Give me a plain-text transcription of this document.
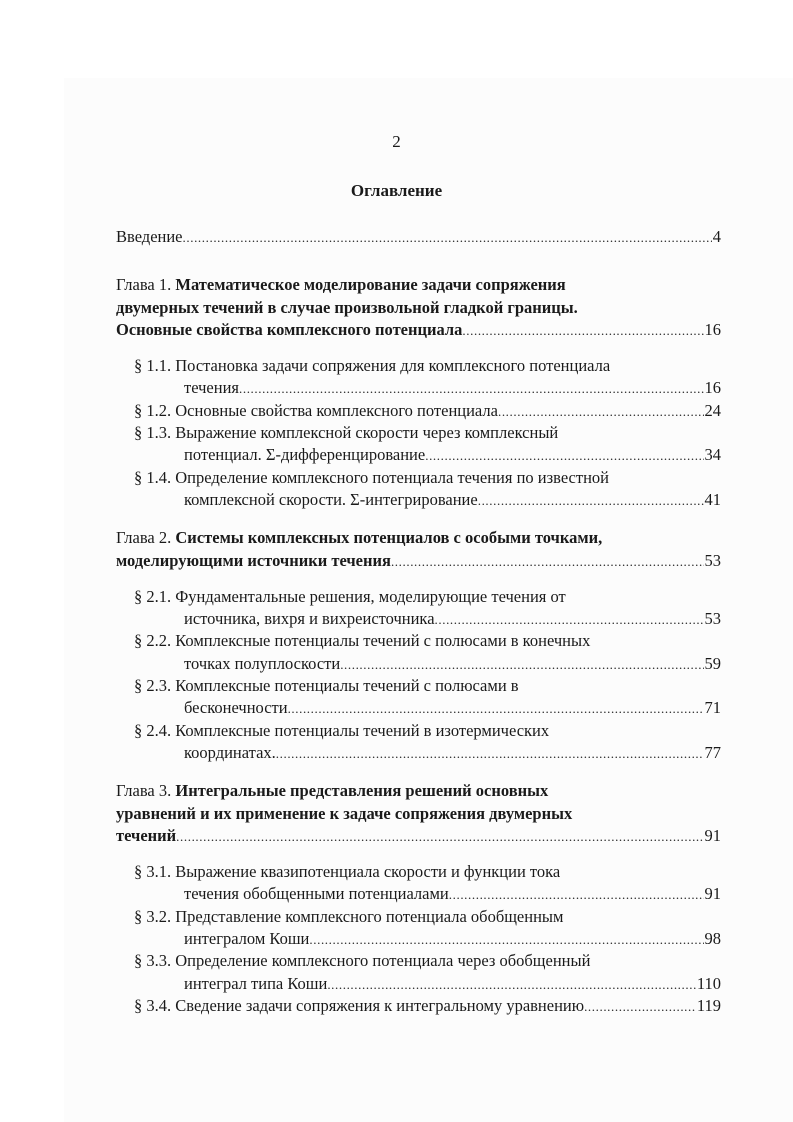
2
Оглавление
Введение .....	4
Глава 1. Математическое моделирование задачи сопряжения
двумерных течений в случае произвольной гладкой границы.
Основные свойства комплексного потенциала .....	16
§ 1.1. Постановка задачи сопряжения для комплексного потенциала
течения .....	16
§ 1.2. Основные свойства комплексного потенциала .....	24
§ 1.3. Выражение комплексной скорости через комплексный
потенциал. Σ-дифференцирование .....	34
§ 1.4. Определение комплексного потенциала течения по известной
комплексной скорости. Σ-интегрирование .....	41
Глава 2. Системы комплексных потенциалов с особыми точками,
моделирующими источники течения .....	53
§ 2.1. Фундаментальные решения, моделирующие течения от
источника, вихря и вихреисточника .....	53
§ 2.2. Комплексные потенциалы течений с полюсами в конечных
точках полуплоскости .....	59
§ 2.3. Комплексные потенциалы течений с полюсами в
бесконечности .....	71
§ 2.4. Комплексные потенциалы течений в изотермических
координатах. .....	77
Глава 3. Интегральные представления решений основных
уравнений и их применение к задаче сопряжения двумерных
течений .....	91
§ 3.1. Выражение квазипотенциала скорости и функции тока
течения обобщенными потенциалами .....	91
§ 3.2. Представление комплексного потенциала обобщенным
интегралом Коши .....	98
§ 3.3. Определение комплексного потенциала через обобщенный
интеграл типа Коши .....	110
§ 3.4. Сведение задачи сопряжения к интегральному уравнению .....	119
